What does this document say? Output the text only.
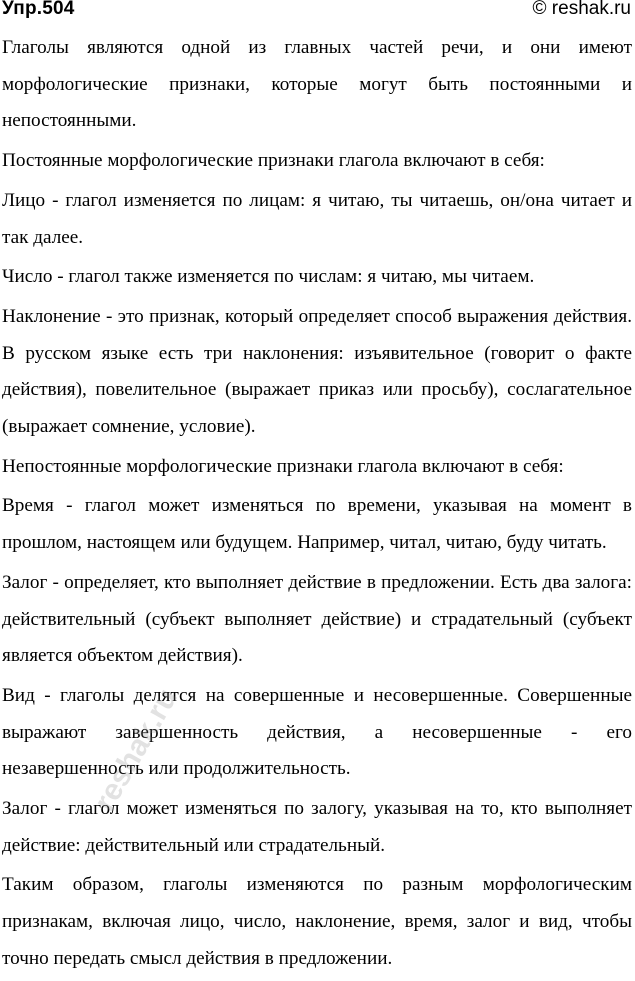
Упр.504	© reshak.ru

Глаголы являются одной из главных частей речи, и они имеют морфологические признаки, которые могут быть постоянными и непостоянными.

Постоянные морфологические признаки глагола включают в себя:

Лицо - глагол изменяется по лицам: я читаю, ты читаешь, он/она читает и так далее.

Число - глагол также изменяется по числам: я читаю, мы читаем.

Наклонение - это признак, который определяет способ выражения действия. В русском языке есть три наклонения: изъявительное (говорит о факте действия), повелительное (выражает приказ или просьбу), сослагательное (выражает сомнение, условие).

Непостоянные морфологические признаки глагола включают в себя:

Время - глагол может изменяться по времени, указывая на момент в прошлом, настоящем или будущем. Например, читал, читаю, буду читать.

Залог - определяет, кто выполняет действие в предложении. Есть два залога: действительный (субъект выполняет действие) и страдательный (субъект является объектом действия).

Вид - глаголы делятся на совершенные и несовершенные. Совершенные выражают завершенность действия, а несовершенные - его незавершенность или продолжительность.

Залог - глагол может изменяться по залогу, указывая на то, кто выполняет действие: действительный или страдательный.

Таким образом, глаголы изменяются по разным морфологическим признакам, включая лицо, число, наклонение, время, залог и вид, чтобы точно передать смысл действия в предложении.

reshak.ru
